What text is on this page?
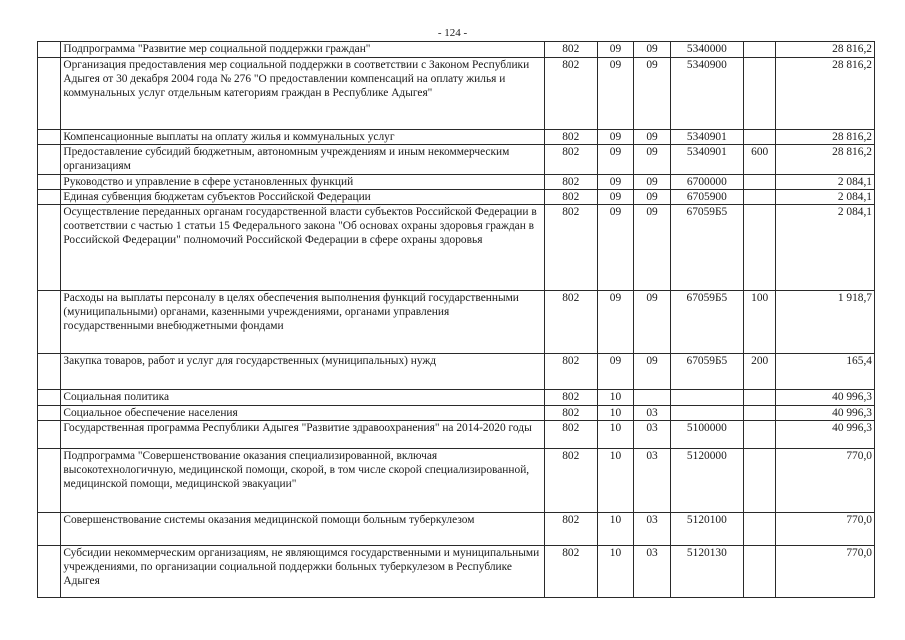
- 124 -
	Подпрограмма "Развитие мер социальной поддержки граждан"	802	09	09	5340000		28 816,2
	Организация предоставления мер социальной поддержки в соответствии с Законом Республики Адыгея от 30 декабря 2004 года № 276 "О предоставлении компенсаций на оплату жилья и коммунальных услуг отдельным категориям граждан в Республике Адыгея"	802	09	09	5340900		28 816,2
	Компенсационные выплаты на оплату жилья и коммунальных услуг	802	09	09	5340901		28 816,2
	Предоставление субсидий бюджетным, автономным учреждениям и иным некоммерческим организациям	802	09	09	5340901	600	28 816,2
	Руководство и управление в сфере установленных функций	802	09	09	6700000		2 084,1
	Единая субвенция бюджетам субъектов Российской Федерации	802	09	09	6705900		2 084,1
	Осуществление переданных органам государственной власти субъектов Российской Федерации в соответствии с частью 1 статьи 15 Федерального закона "Об основах охраны здоровья граждан в Российской Федерации" полномочий Российской Федерации в сфере охраны здоровья	802	09	09	67059Б5		2 084,1
	Расходы на выплаты персоналу в целях обеспечения выполнения функций государственными (муниципальными) органами, казенными учреждениями, органами управления государственными внебюджетными фондами	802	09	09	67059Б5	100	1 918,7
	Закупка товаров, работ и услуг для государственных (муниципальных) нужд	802	09	09	67059Б5	200	165,4
	Социальная политика	802	10				40 996,3
	Социальное обеспечение населения	802	10	03			40 996,3
	Государственная программа Республики Адыгея "Развитие здравоохранения" на 2014-2020 годы	802	10	03	5100000		40 996,3
	Подпрограмма "Совершенствование оказания специализированной, включая высокотехнологичную, медицинской помощи, скорой, в том числе скорой специализированной, медицинской помощи, медицинской эвакуации"	802	10	03	5120000		770,0
	Совершенствование системы оказания медицинской помощи больным туберкулезом	802	10	03	5120100		770,0
	Субсидии некоммерческим организациям, не являющимся государственными и муниципальными учреждениями, по организации социальной поддержки больных туберкулезом в Республике Адыгея	802	10	03	5120130		770,0
